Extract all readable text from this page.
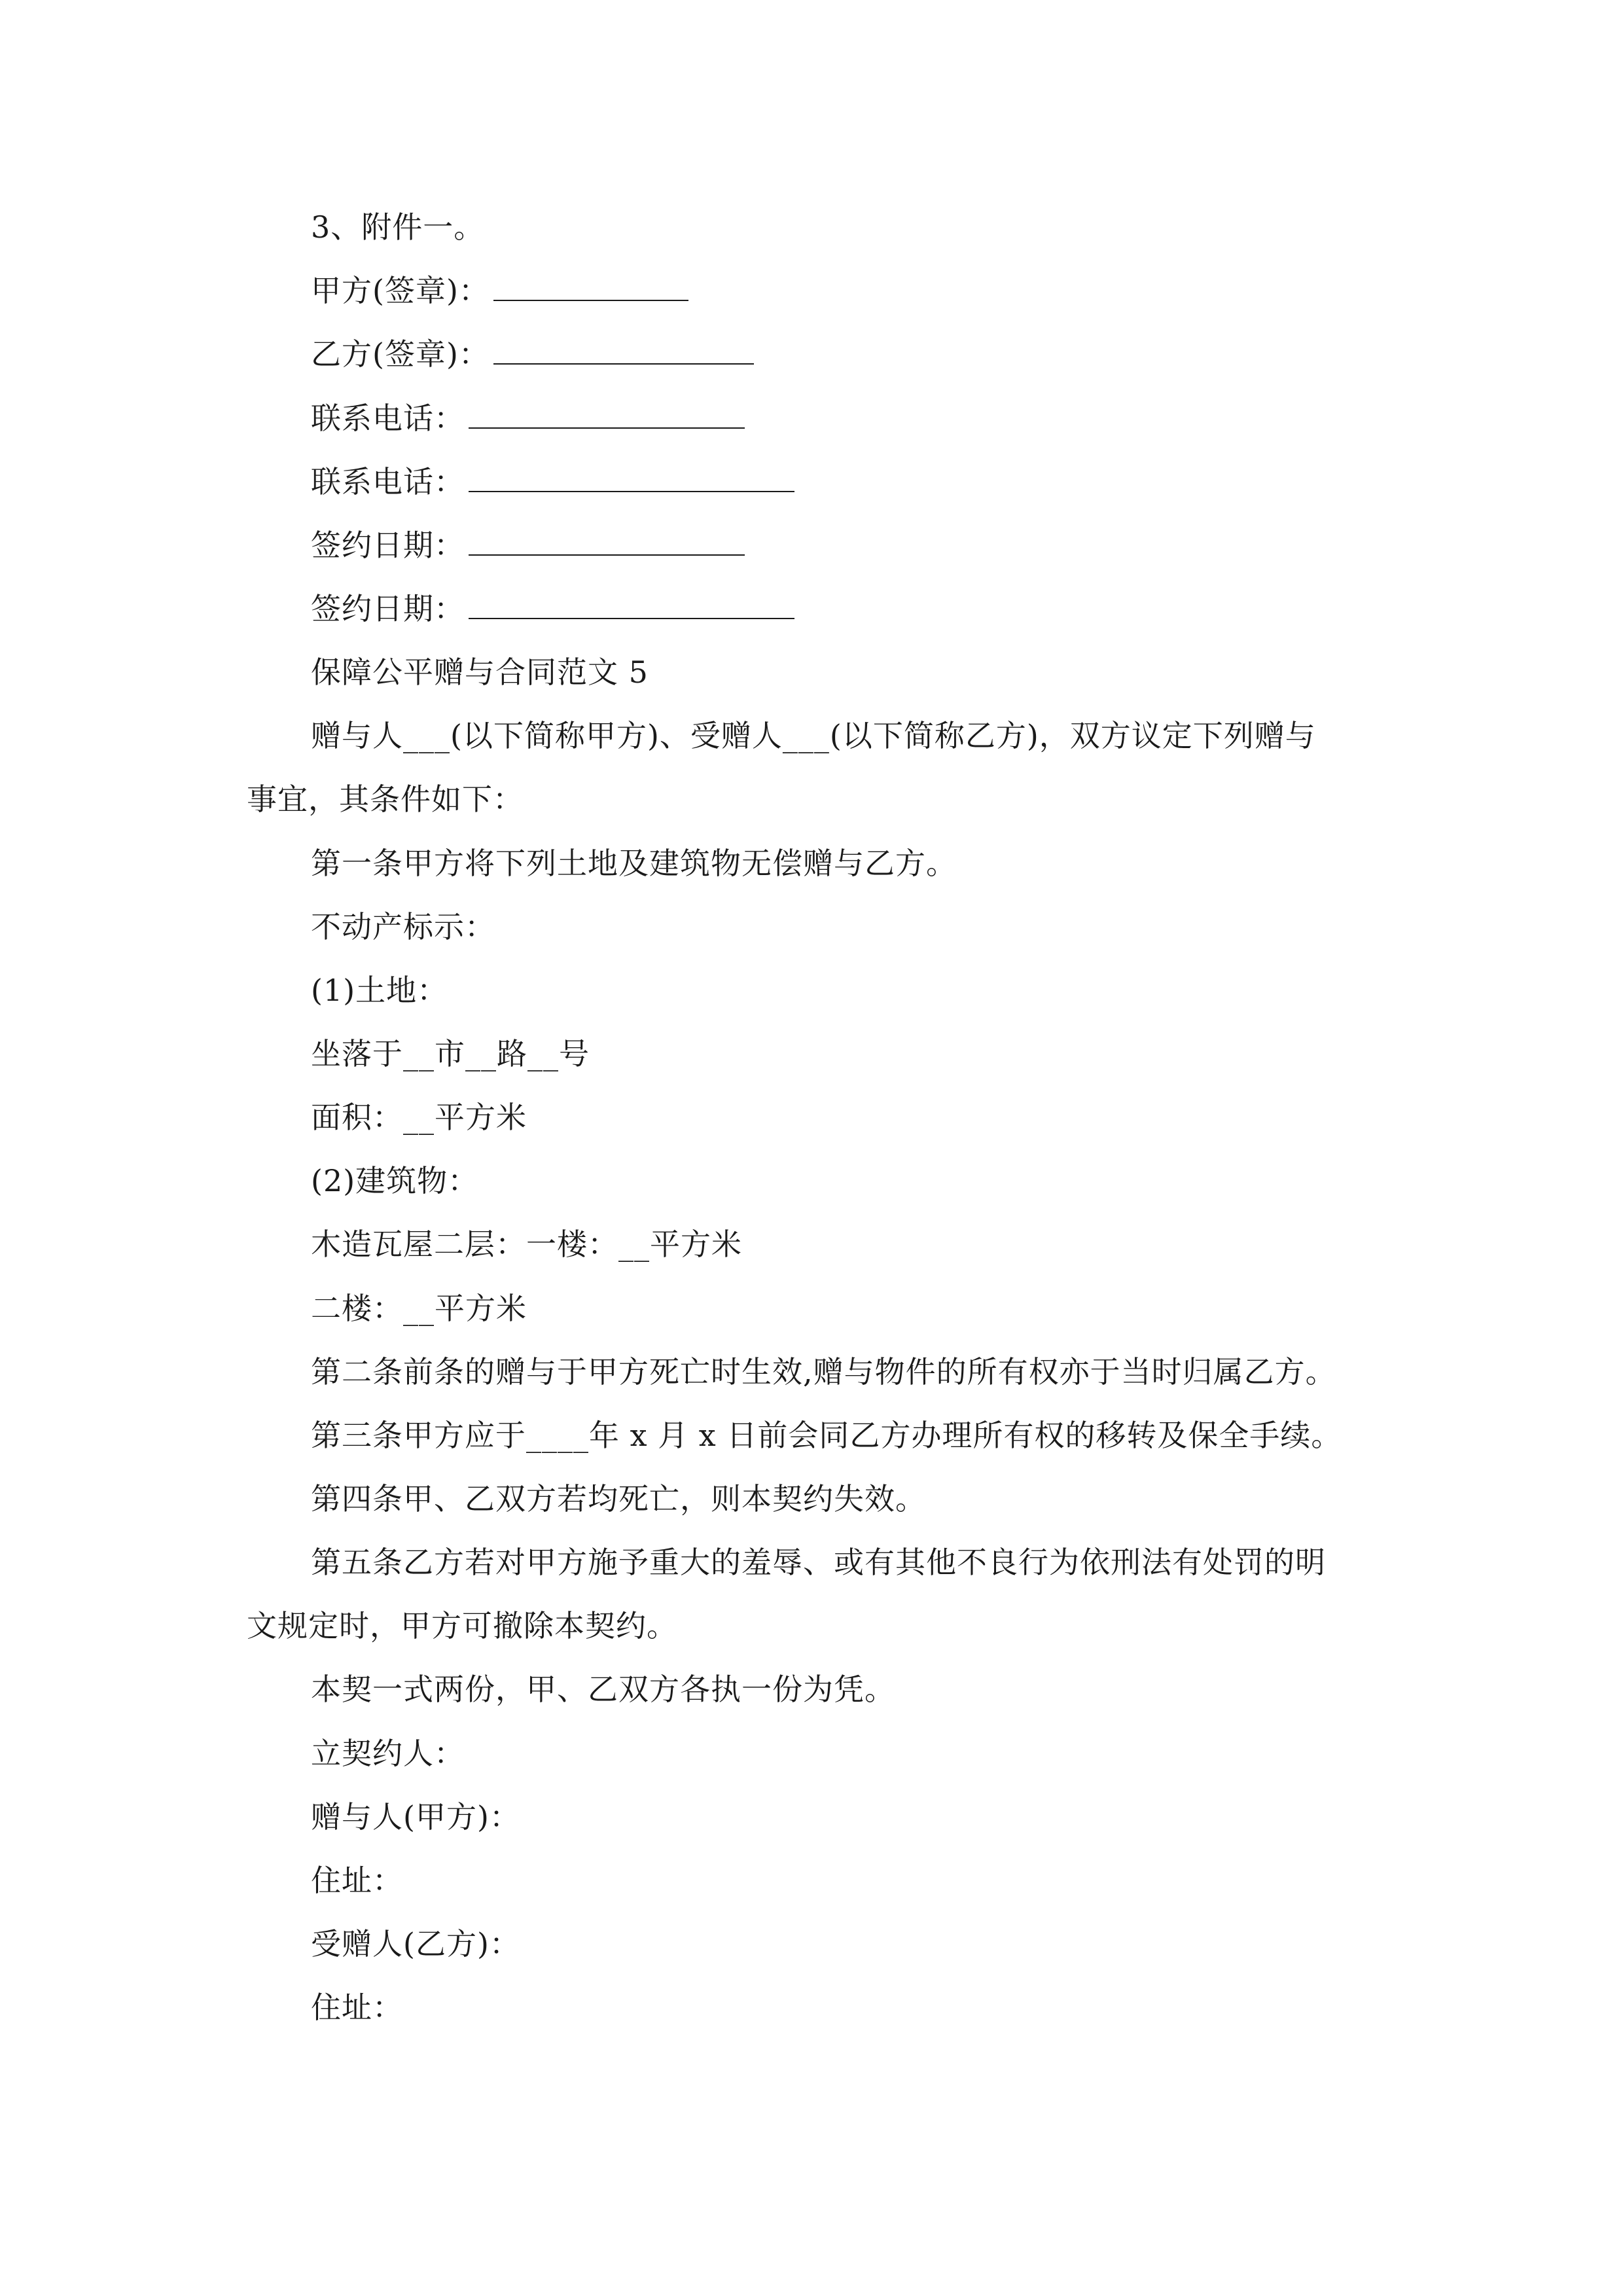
3、附件一。
甲方(签章)：
乙方(签章)：
联系电话：
联系电话：
签约日期：
签约日期：
保障公平赠与合同范文 5
赠与人___(以下简称甲方)、受赠人___(以下简称乙方)，双方议定下列赠与
事宜，其条件如下：
第一条甲方将下列土地及建筑物无偿赠与乙方。
不动产标示：
(1)土地：
坐落于__市__路__号
面积：__平方米
(2)建筑物：
木造瓦屋二层：一楼：__平方米
二楼：__平方米
第二条前条的赠与于甲方死亡时生效,赠与物件的所有权亦于当时归属乙方。
第三条甲方应于____年 x 月 x 日前会同乙方办理所有权的移转及保全手续。
第四条甲、乙双方若均死亡，则本契约失效。
第五条乙方若对甲方施予重大的羞辱、或有其他不良行为依刑法有处罚的明
文规定时，甲方可撤除本契约。
本契一式两份，甲、乙双方各执一份为凭。
立契约人：
赠与人(甲方)：
住址：
受赠人(乙方)：
住址：
